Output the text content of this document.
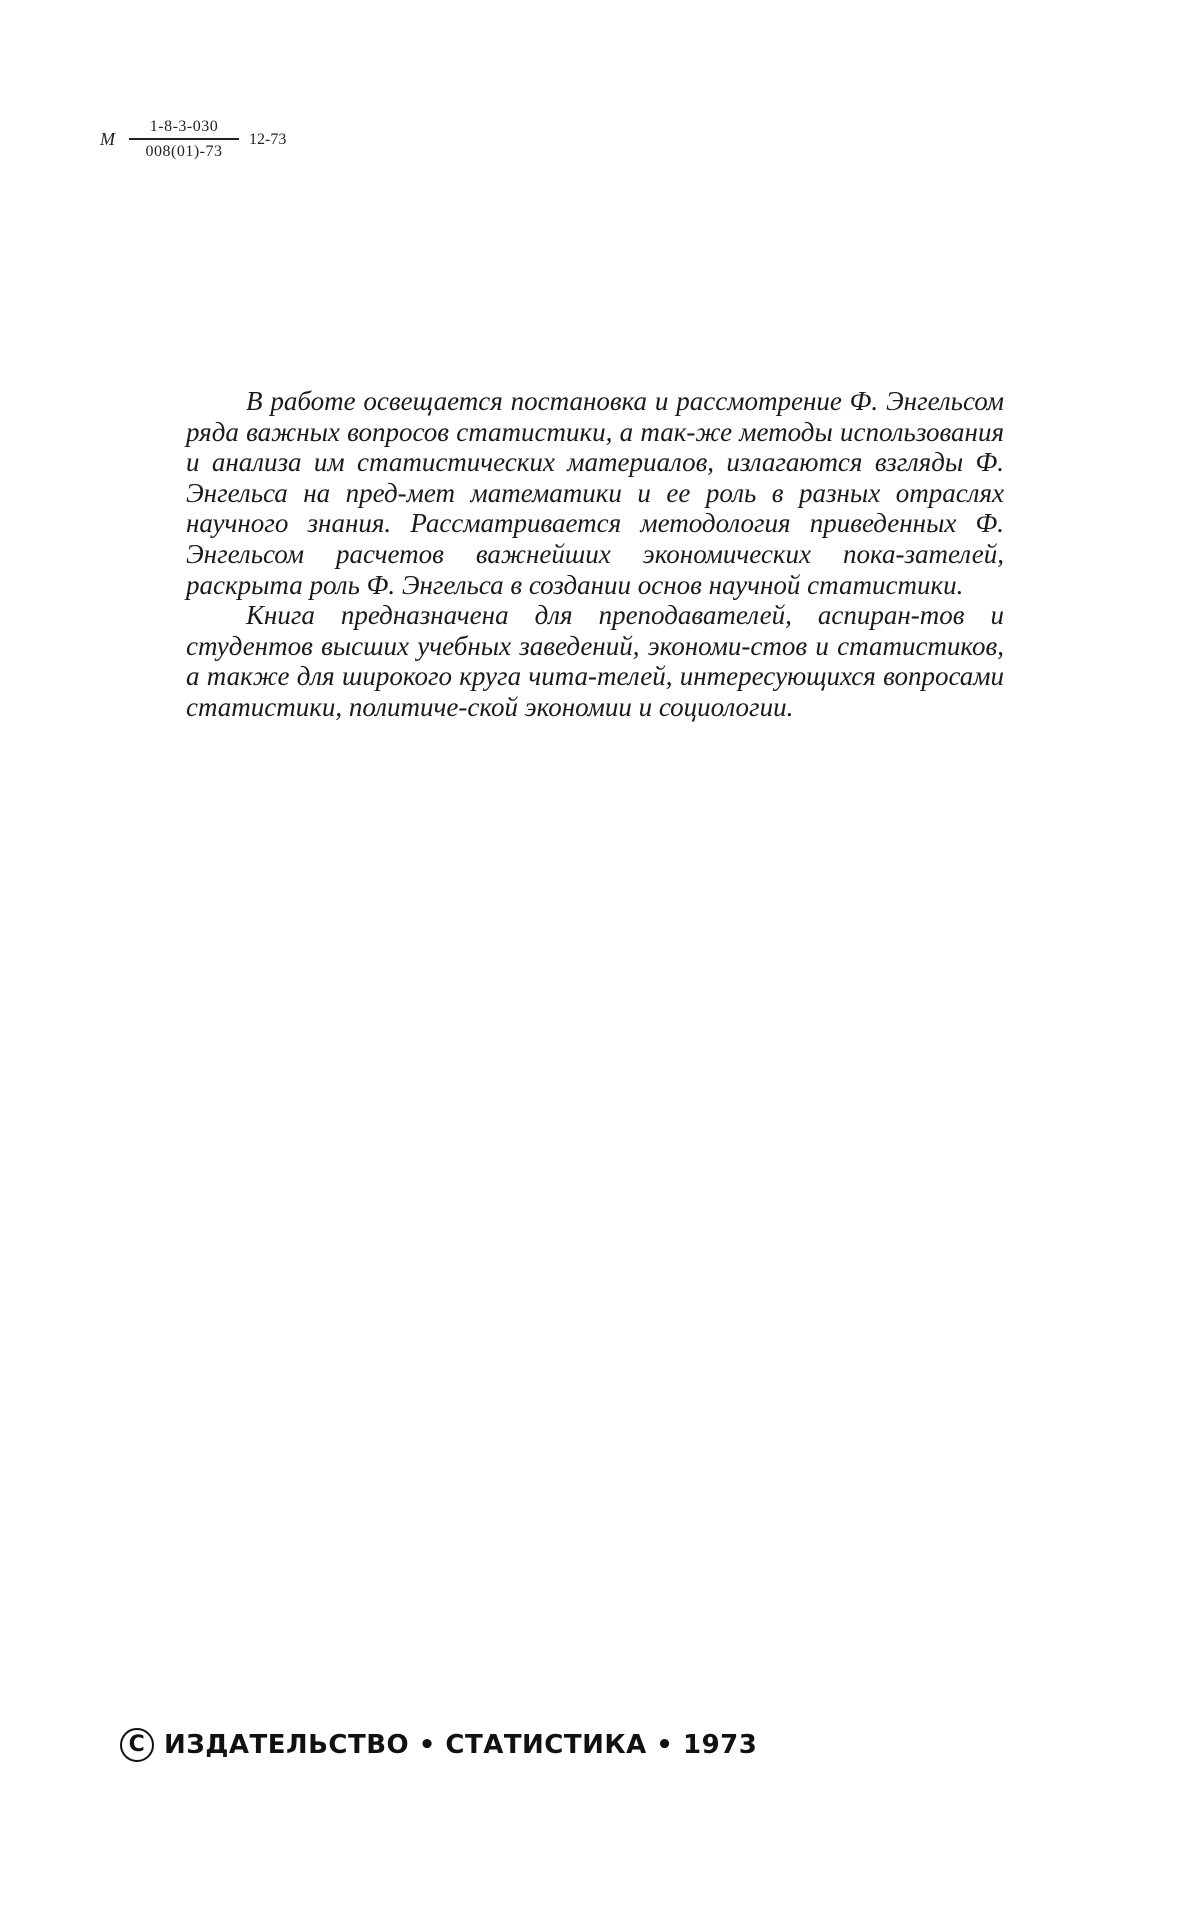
M $\frac{1-8-3-030}{008(01)-73} 12-73$

В работе освещается постановка и рассмотрение Ф. Энгельсом ряда важных вопросов статистики, а так-же методы использования и анализа им статистических материалов, излагаются взгляды Ф. Энгельса на пред-мет математики и ее роль в разных отраслях научного знания. Рассматривается методология приведенных Ф. Энгельсом расчетов важнейших экономических пока-зателей, раскрыта роль Ф. Энгельса в создании основ научной статистики.

Книга предназначена для преподавателей, аспиран-тов и студентов высших учебных заведений, экономи-стов и статистиков, а также для широкого круга чита-телей, интересующихся вопросами статистики, политиче-ской экономии и социологии.

C ИЗДАТЕЛЬСТВО • СТАТИСТИКА • 1973
